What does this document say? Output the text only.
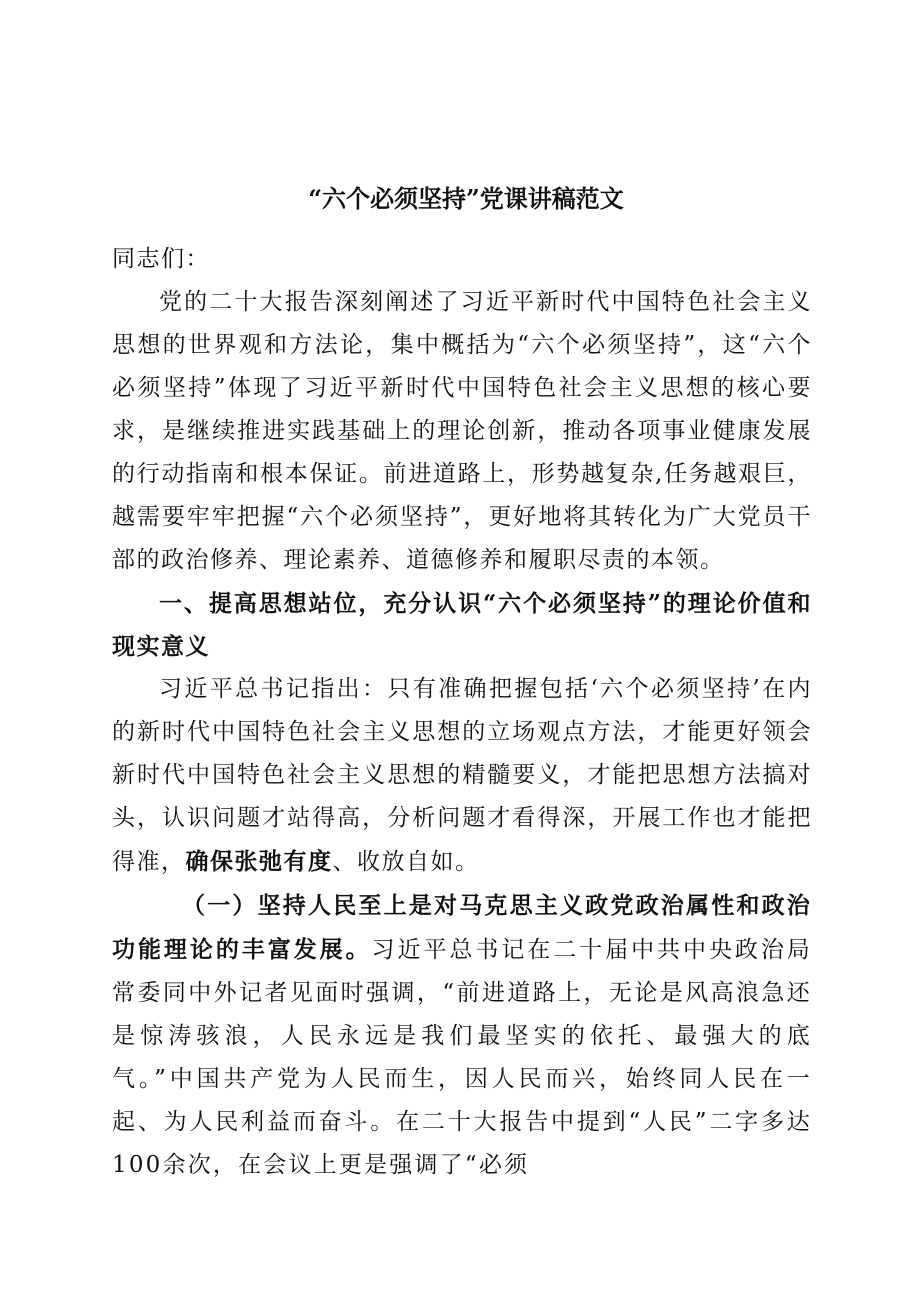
“六个必须坚持”党课讲稿范文

同志们：

党的二十大报告深刻阐述了习近平新时代中国特色社会主义思想的世界观和方法论，集中概括为“六个必须坚持”，这“六个必须坚持”体现了习近平新时代中国特色社会主义思想的核心要求，是继续推进实践基础上的理论创新，推动各项事业健康发展的行动指南和根本保证。前进道路上，形势越复杂,任务越艰巨，越需要牢牢把握“六个必须坚持”，更好地将其转化为广大党员干部的政治修养、理论素养、道德修养和履职尽责的本领。

一、提高思想站位，充分认识“六个必须坚持”的理论价值和现实意义

习近平总书记指出：只有准确把握包括‘六个必须坚持’在内的新时代中国特色社会主义思想的立场观点方法，才能更好领会新时代中国特色社会主义思想的精髓要义，才能把思想方法搞对头，认识问题才站得高，分析问题才看得深，开展工作也才能把得准，确保张弛有度、收放自如。

（一）坚持人民至上是对马克思主义政党政治属性和政治功能理论的丰富发展。习近平总书记在二十届中共中央政治局常委同中外记者见面时强调，“前进道路上，无论是风高浪急还是惊涛骇浪，人民永远是我们最坚实的依托、最强大的底气。”中国共产党为人民而生，因人民而兴，始终同人民在一起、为人民利益而奋斗。在二十大报告中提到“人民”二字多达100余次，在会议上更是强调了“必须
